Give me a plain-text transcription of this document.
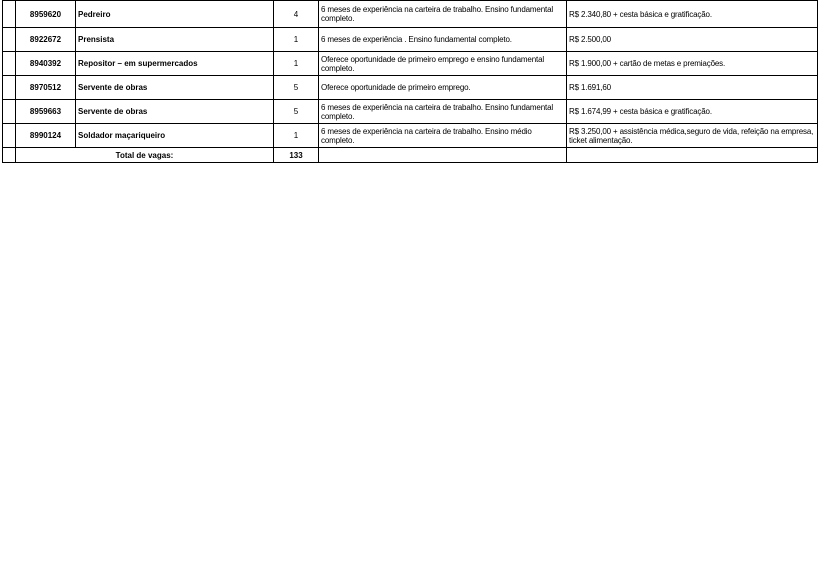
	8959620	Pedreiro	4	6 meses de experiência na carteira de trabalho. Ensino fundamental completo.	R$ 2.340,80 + cesta básica e gratificação.
	8922672	Prensista	1	6 meses de experiência . Ensino fundamental completo.	R$ 2.500,00
	8940392	Repositor – em supermercados	1	Oferece oportunidade de primeiro emprego e ensino fundamental completo.	R$ 1.900,00 + cartão de metas e premiações.
	8970512	Servente de obras	5	Oferece oportunidade de primeiro emprego.	R$ 1.691,60
	8959663	Servente de obras	5	6 meses de experiência na carteira de trabalho. Ensino fundamental completo.	R$ 1.674,99 + cesta básica e gratificação.
	8990124	Soldador maçariqueiro	1	6 meses de experiência na carteira de trabalho. Ensino médio completo.	R$ 3.250,00 + assistência médica,seguro de vida, refeição na empresa, ticket alimentação.
	Total de vagas:		133		
